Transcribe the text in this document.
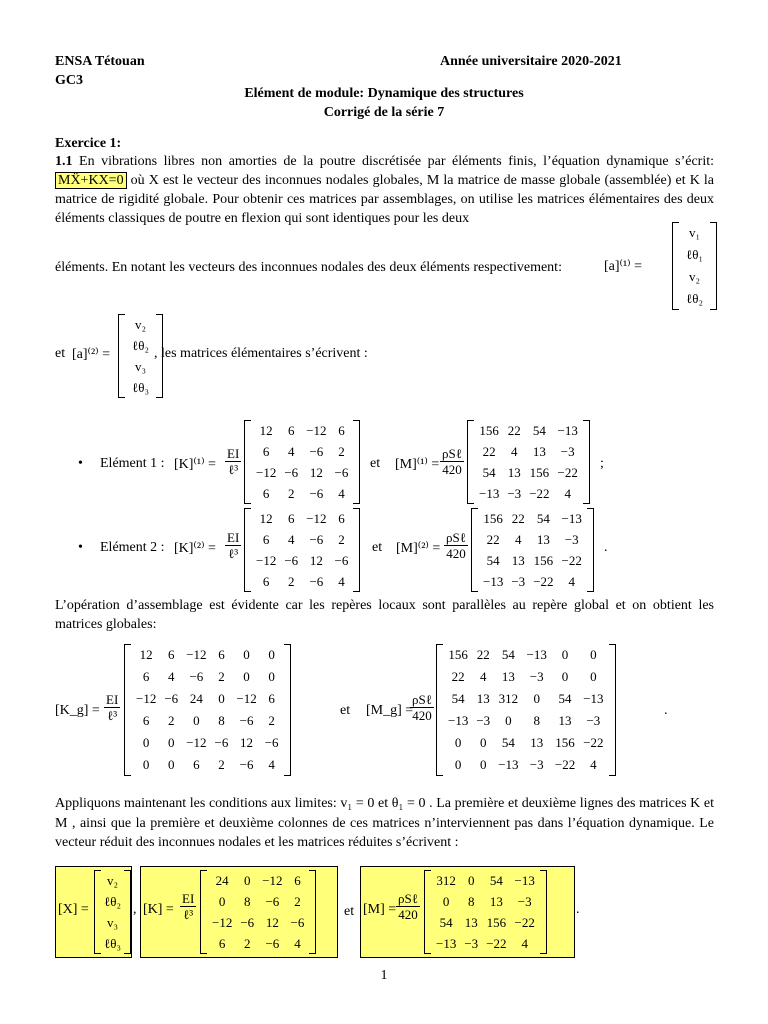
ENSA Tétouan	Année universitaire 2020-2021
GC3
Elément de module: Dynamique des structures
Corrigé de la série 7
Exercice 1:
1.1 En vibrations libres non amorties de la poutre discrétisée par éléments finis, l’équation dynamique s’écrit: MẌ+KX=0 où X est le vecteur des inconnues nodales globales, M la matrice de masse globale (assemblée) et K la matrice de rigidité globale. Pour obtenir ces matrices par assemblages, on utilise les matrices élémentaires des deux éléments classiques de poutre en flexion qui sont identiques pour les deux
éléments. En notant les vecteurs des inconnues nodales des deux éléments respectivement:	[a]⁽¹⁾ =
v₁
ℓθ₁
v₂
ℓθ₂
et [a]⁽²⁾ =
v₂
ℓθ₂
v₃
ℓθ₃
, les matrices élémentaires s’écrivent :
• Elément 1 : [K]⁽¹⁾ =
EI
ℓ³
12	6	−12	6
6	4	−6	2
−12	−6	12	−6
6	2	−6	4
et [M]⁽¹⁾ =
ρSℓ
420
156	22	54	−13
22	4	13	−3
54	13	156	−22
−13	−3	−22	4
;
• Elément 2 : [K]⁽²⁾ =
EI
ℓ³
12	6	−12	6
6	4	−6	2
−12	−6	12	−6
6	2	−6	4
et [M]⁽²⁾ =
ρSℓ
420
156	22	54	−13
22	4	13	−3
54	13	156	−22
−13	−3	−22	4
.
L’opération d’assemblage est évidente car les repères locaux sont parallèles au repère global et on obtient les matrices globales:
[K_g] =
EI
ℓ³
12	6	−12	6	0	0
6	4	−6	2	0	0
−12	−6	24	0	−12	6
6	2	0	8	−6	2
0	0	−12	−6	12	−6
0	0	6	2	−6	4
et [M_g] =
ρSℓ
420
156	22	54	−13	0	0
22	4	13	−3	0	0
54	13	312	0	54	−13
−13	−3	0	8	13	−3
0	0	54	13	156	−22
0	0	−13	−3	−22	4
.
Appliquons maintenant les conditions aux limites: v₁ = 0 et θ₁ = 0 . La première et deuxième lignes des matrices K et M , ainsi que la première et deuxième colonnes de ces matrices n’interviennent pas dans l’équation dynamique. Le vecteur réduit des inconnues nodales et les matrices réduites s’écrivent :
[X] =
v₂
ℓθ₂
v₃
ℓθ₃
, [K] =
EI
ℓ³
24	0	−12	6
0	8	−6	2
−12	−6	12	−6
6	2	−6	4
et [M] =
ρSℓ
420
312	0	54	−13
0	8	13	−3
54	13	156	−22
−13	−3	−22	4
.
1
